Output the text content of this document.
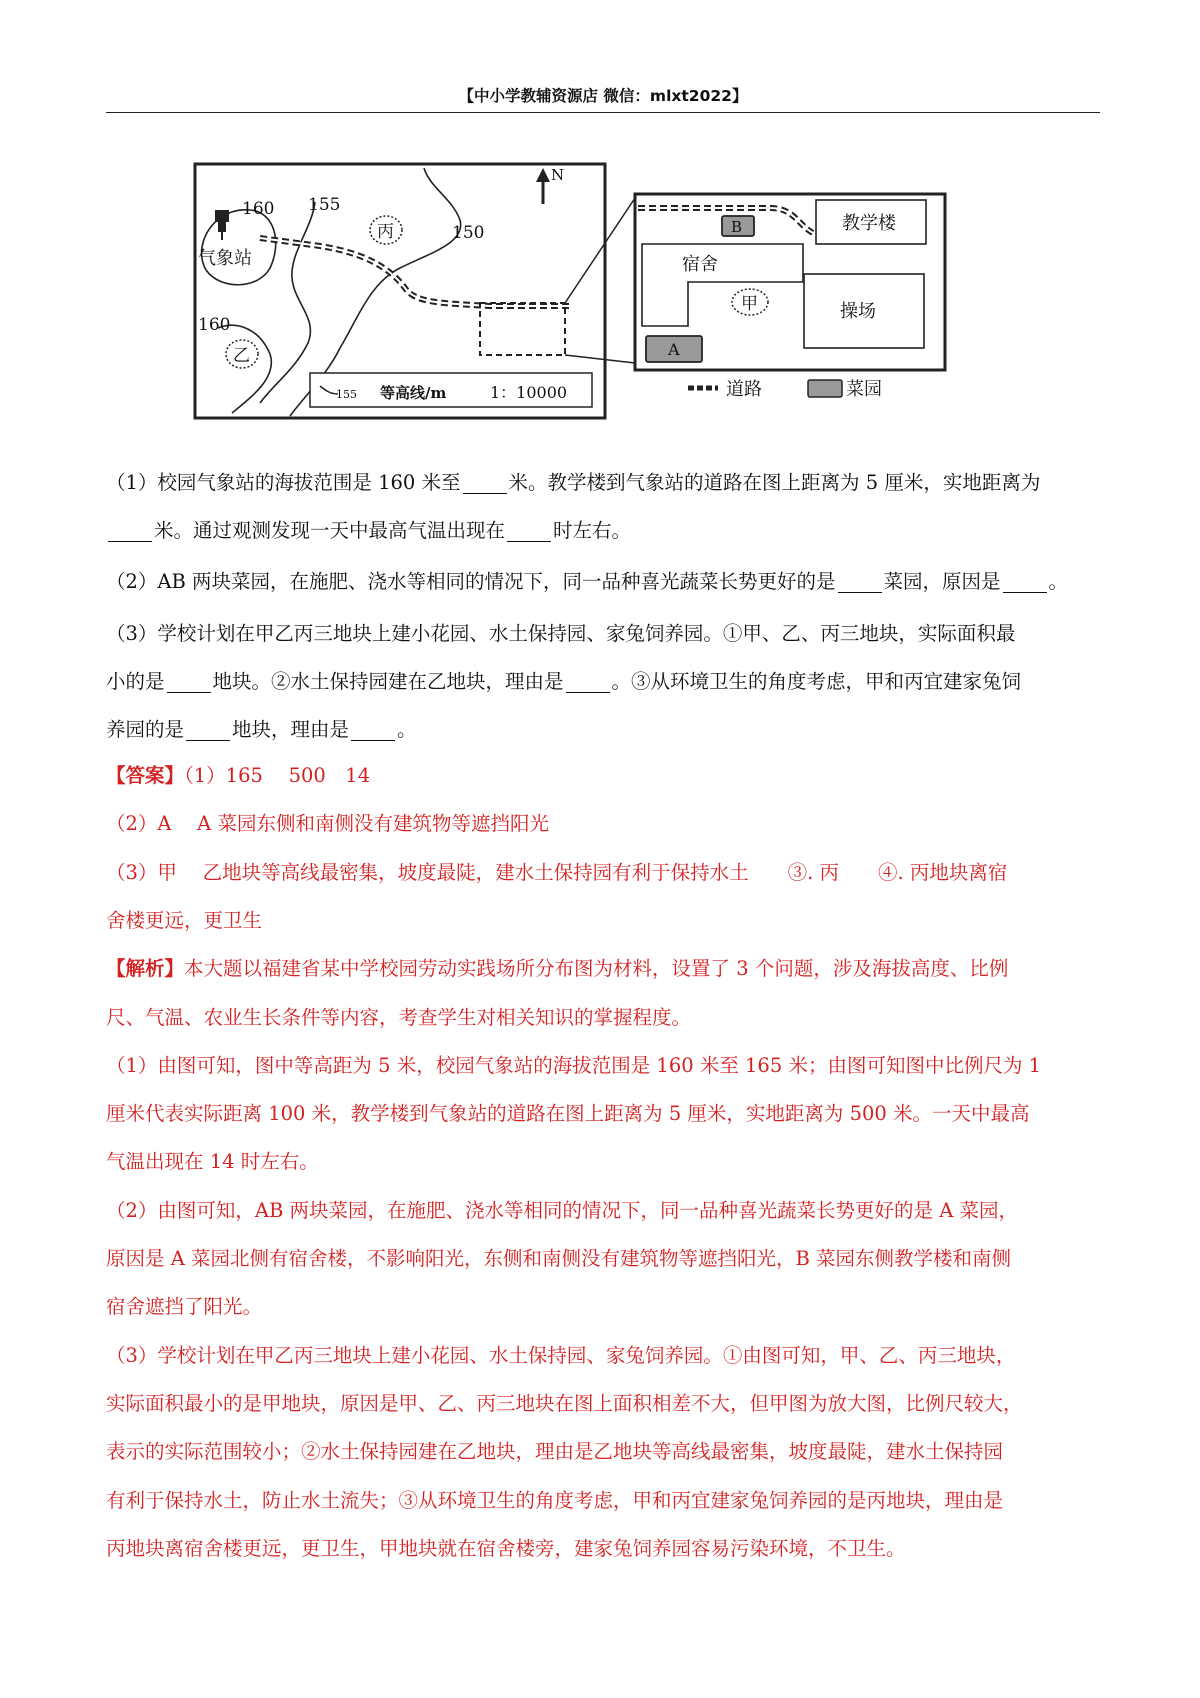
【中小学教辅资源店 微信：mlxt2022】
160 155
150
160
气象站
丙
乙
N
155 等高线/m	1：10000
教学楼
宿舍
甲	操场
B
A
道路	菜园
（1）校园气象站的海拔范围是 160 米至 米。教学楼到气象站的道路在图上距离为 5 厘米，实地距离为
米。通过观测发现一天中最高气温出现在 时左右。
（2）AB 两块菜园，在施肥、浇水等相同的情况下，同一品种喜光蔬菜长势更好的是 菜园，原因是 。
（3）学校计划在甲乙丙三地块上建小花园、水土保持园、家兔饲养园。①甲、乙、丙三地块，实际面积最
小的是 地块。②水土保持园建在乙地块，理由是 。③从环境卫生的角度考虑，甲和丙宜建家兔饲
养园的是 地块，理由是 。
【答案】（1）165　 500　14
（2）A　 A 菜园东侧和南侧没有建筑物等遮挡阳光
（3）甲　 乙地块等高线最密集，坡度最陡，建水土保持园有利于保持水土　　③. 丙　　④. 丙地块离宿
舍楼更远，更卫生
【解析】本大题以福建省某中学校园劳动实践场所分布图为材料，设置了 3 个问题，涉及海拔高度、比例
尺、气温、农业生长条件等内容，考查学生对相关知识的掌握程度。
（1）由图可知，图中等高距为 5 米，校园气象站的海拔范围是 160 米至 165 米；由图可知图中比例尺为 1
厘米代表实际距离 100 米，教学楼到气象站的道路在图上距离为 5 厘米，实地距离为 500 米。一天中最高
气温出现在 14 时左右。
（2）由图可知，AB 两块菜园，在施肥、浇水等相同的情况下，同一品种喜光蔬菜长势更好的是 A 菜园，
原因是 A 菜园北侧有宿舍楼，不影响阳光，东侧和南侧没有建筑物等遮挡阳光，B 菜园东侧教学楼和南侧
宿舍遮挡了阳光。
（3）学校计划在甲乙丙三地块上建小花园、水土保持园、家兔饲养园。①由图可知，甲、乙、丙三地块，
实际面积最小的是甲地块，原因是甲、乙、丙三地块在图上面积相差不大，但甲图为放大图，比例尺较大，
表示的实际范围较小；②水土保持园建在乙地块，理由是乙地块等高线最密集，坡度最陡，建水土保持园
有利于保持水土，防止水土流失；③从环境卫生的角度考虑，甲和丙宜建家兔饲养园的是丙地块，理由是
丙地块离宿舍楼更远，更卫生，甲地块就在宿舍楼旁，建家兔饲养园容易污染环境，不卫生。
